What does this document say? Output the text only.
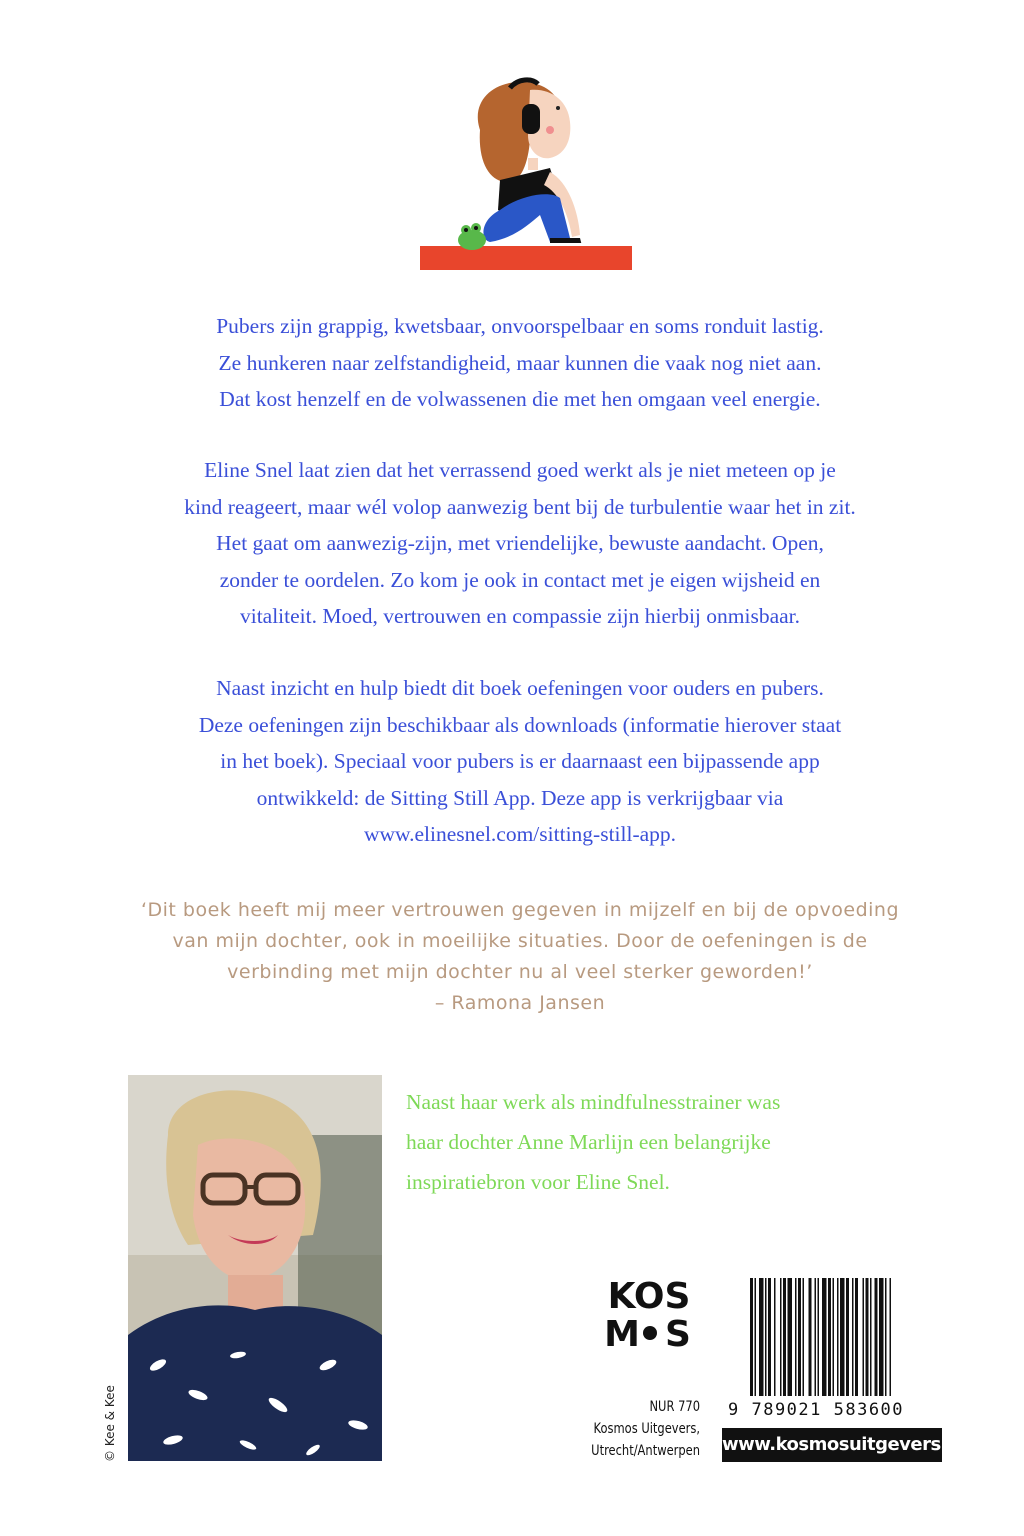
Pubers zijn grappig, kwetsbaar, onvoorspelbaar en soms ronduit lastig.

Ze hunkeren naar zelfstandigheid, maar kunnen die vaak nog niet aan.

Dat kost henzelf en de volwassenen die met hen omgaan veel energie.

Eline Snel laat zien dat het verrassend goed werkt als je niet meteen op je

kind reageert, maar wél volop aanwezig bent bij de turbulentie waar het in zit.

Het gaat om aanwezig-zijn, met vriendelijke, bewuste aandacht. Open,

zonder te oordelen. Zo kom je ook in contact met je eigen wijsheid en

vitaliteit. Moed, vertrouwen en compassie zijn hierbij onmisbaar.

Naast inzicht en hulp biedt dit boek oefeningen voor ouders en pubers.

Deze oefeningen zijn beschikbaar als downloads (informatie hierover staat

in het boek). Speciaal voor pubers is er daarnaast een bijpassende app

ontwikkeld: de Sitting Still App. Deze app is verkrijgbaar via

www.elinesnel.com/sitting-still-app.

‘Dit boek heeft mij meer vertrouwen gegeven in mijzelf en bij de opvoeding

van mijn dochter, ook in moeilijke situaties. Door de oefeningen is de

verbinding met mijn dochter nu al veel sterker geworden!’

– Ramona Jansen

© Kee & Kee

Naast haar werk als mindfulnesstrainer was

haar dochter Anne Marlijn een belangrijke

inspiratiebron voor Eline Snel.

KOS
M S
NUR 770
Kosmos Uitgevers,
Utrecht/Antwerpen
9 789021 583600
www.kosmosuitgevers.nl
